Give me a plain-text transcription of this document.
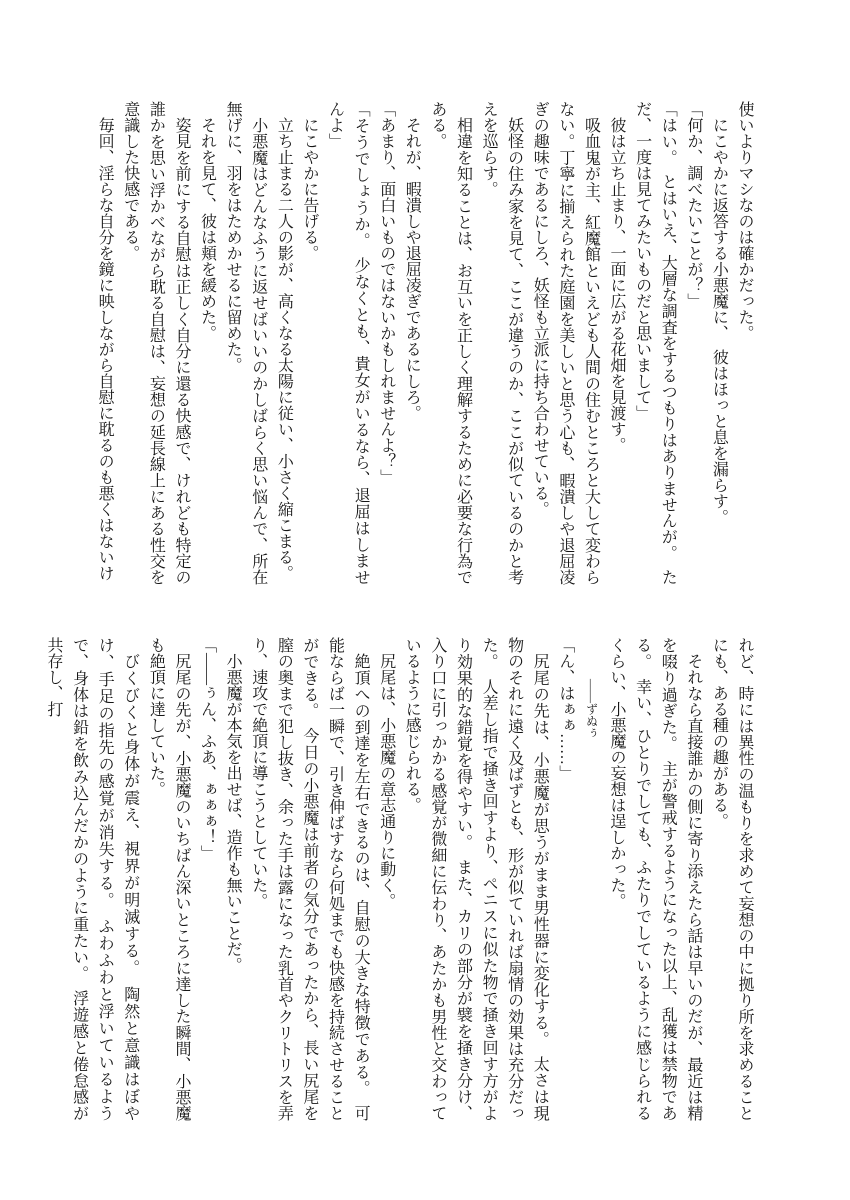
使いよりマシなのは確かだった。

にこやかに返答する小悪魔に、　彼はほっと息を漏らす。

「何か、調べたいことが？」

「はい。　とはいえ、大層な調査をするつもりはありませんが。　ただ、一度は見てみたいものだと思いまして」

彼は立ち止まり、一面に広がる花畑を見渡す。

吸血鬼が主、紅魔館といえども人間の住むところと大して変わらない。丁寧に揃えられた庭園を美しいと思う心も、暇潰しや退屈凌ぎの趣味であるにしろ、妖怪も立派に持ち合わせている。

妖怪の住み家を見て、ここが違うのか、ここが似ているのかと考えを巡らす。

相違を知ることは、お互いを正しく理解するために必要な行為である。

それが、暇潰しや退屈凌ぎであるにしろ。

「あまり、面白いものではないかもしれませんよ？」

「そうでしょうか。　少なくとも、貴女がいるなら、退屈はしませんよ」

にこやかに告げる。

立ち止まる二人の影が、高くなる太陽に従い、小さく縮こまる。

小悪魔はどんなふうに返せばいいのかしばらく思い悩んで、所在無げに、羽をはためかせるに留めた。

それを見て、彼は頬を緩めた。

姿見を前にする自慰は正しく自分に還る快感で、けれども特定の誰かを思い浮かべながら耽る自慰は、妄想の延長線上にある性交を意識した快感である。

毎回、淫らな自分を鏡に映しながら自慰に耽るのも悪くはないけ

れど、時には異性の温もりを求めて妄想の中に拠り所を求めることにも、ある種の趣がある。

それなら直接誰かの側に寄り添えたら話は早いのだが、最近は精を啜り過ぎた。　主が警戒するようになった以上、乱獲は禁物である。　幸い、ひとりでしても、ふたりでしているように感じられるくらい、小悪魔の妄想は逞しかった。

――ずぬぅ

「ん、はぁぁ……」

尻尾の先は、小悪魔が思うがまま男性器に変化する。　太さは現物のそれに遠く及ばずとも、形が似ていれば扇情の効果は充分だった。　人差し指で掻き回すより、ペニスに似た物で掻き回す方がより効果的な錯覚を得やすい。　また、カリの部分が襞を掻き分け、入り口に引っかかる感覚が微細に伝わり、あたかも男性と交わっているように感じられる。

尻尾は、小悪魔の意志通りに動く。

絶頂への到達を左右できるのは、自慰の大きな特徴である。　可能ならば一瞬で、引き伸ばすなら何処までも快感を持続させることができる。　今日の小悪魔は前者の気分であったから、長い尻尾を膣の奥まで犯し抜き、余った手は露になった乳首やクリトリスを弄り、速攻で絶頂に導こうとしていた。

小悪魔が本気を出せば、造作も無いことだ。

「――ぅん、ふあ、ぁぁぁ！」

尻尾の先が、小悪魔のいちばん深いところに達した瞬間、小悪魔も絶頂に達していた。

びくびくと身体が震え、視界が明滅する。　陶然と意識はぼやけ、手足の指先の感覚が消失する。　ふわふわと浮いているようで、身体は鉛を飲み込んだかのように重たい。　浮遊感と倦怠感が共存し、打
